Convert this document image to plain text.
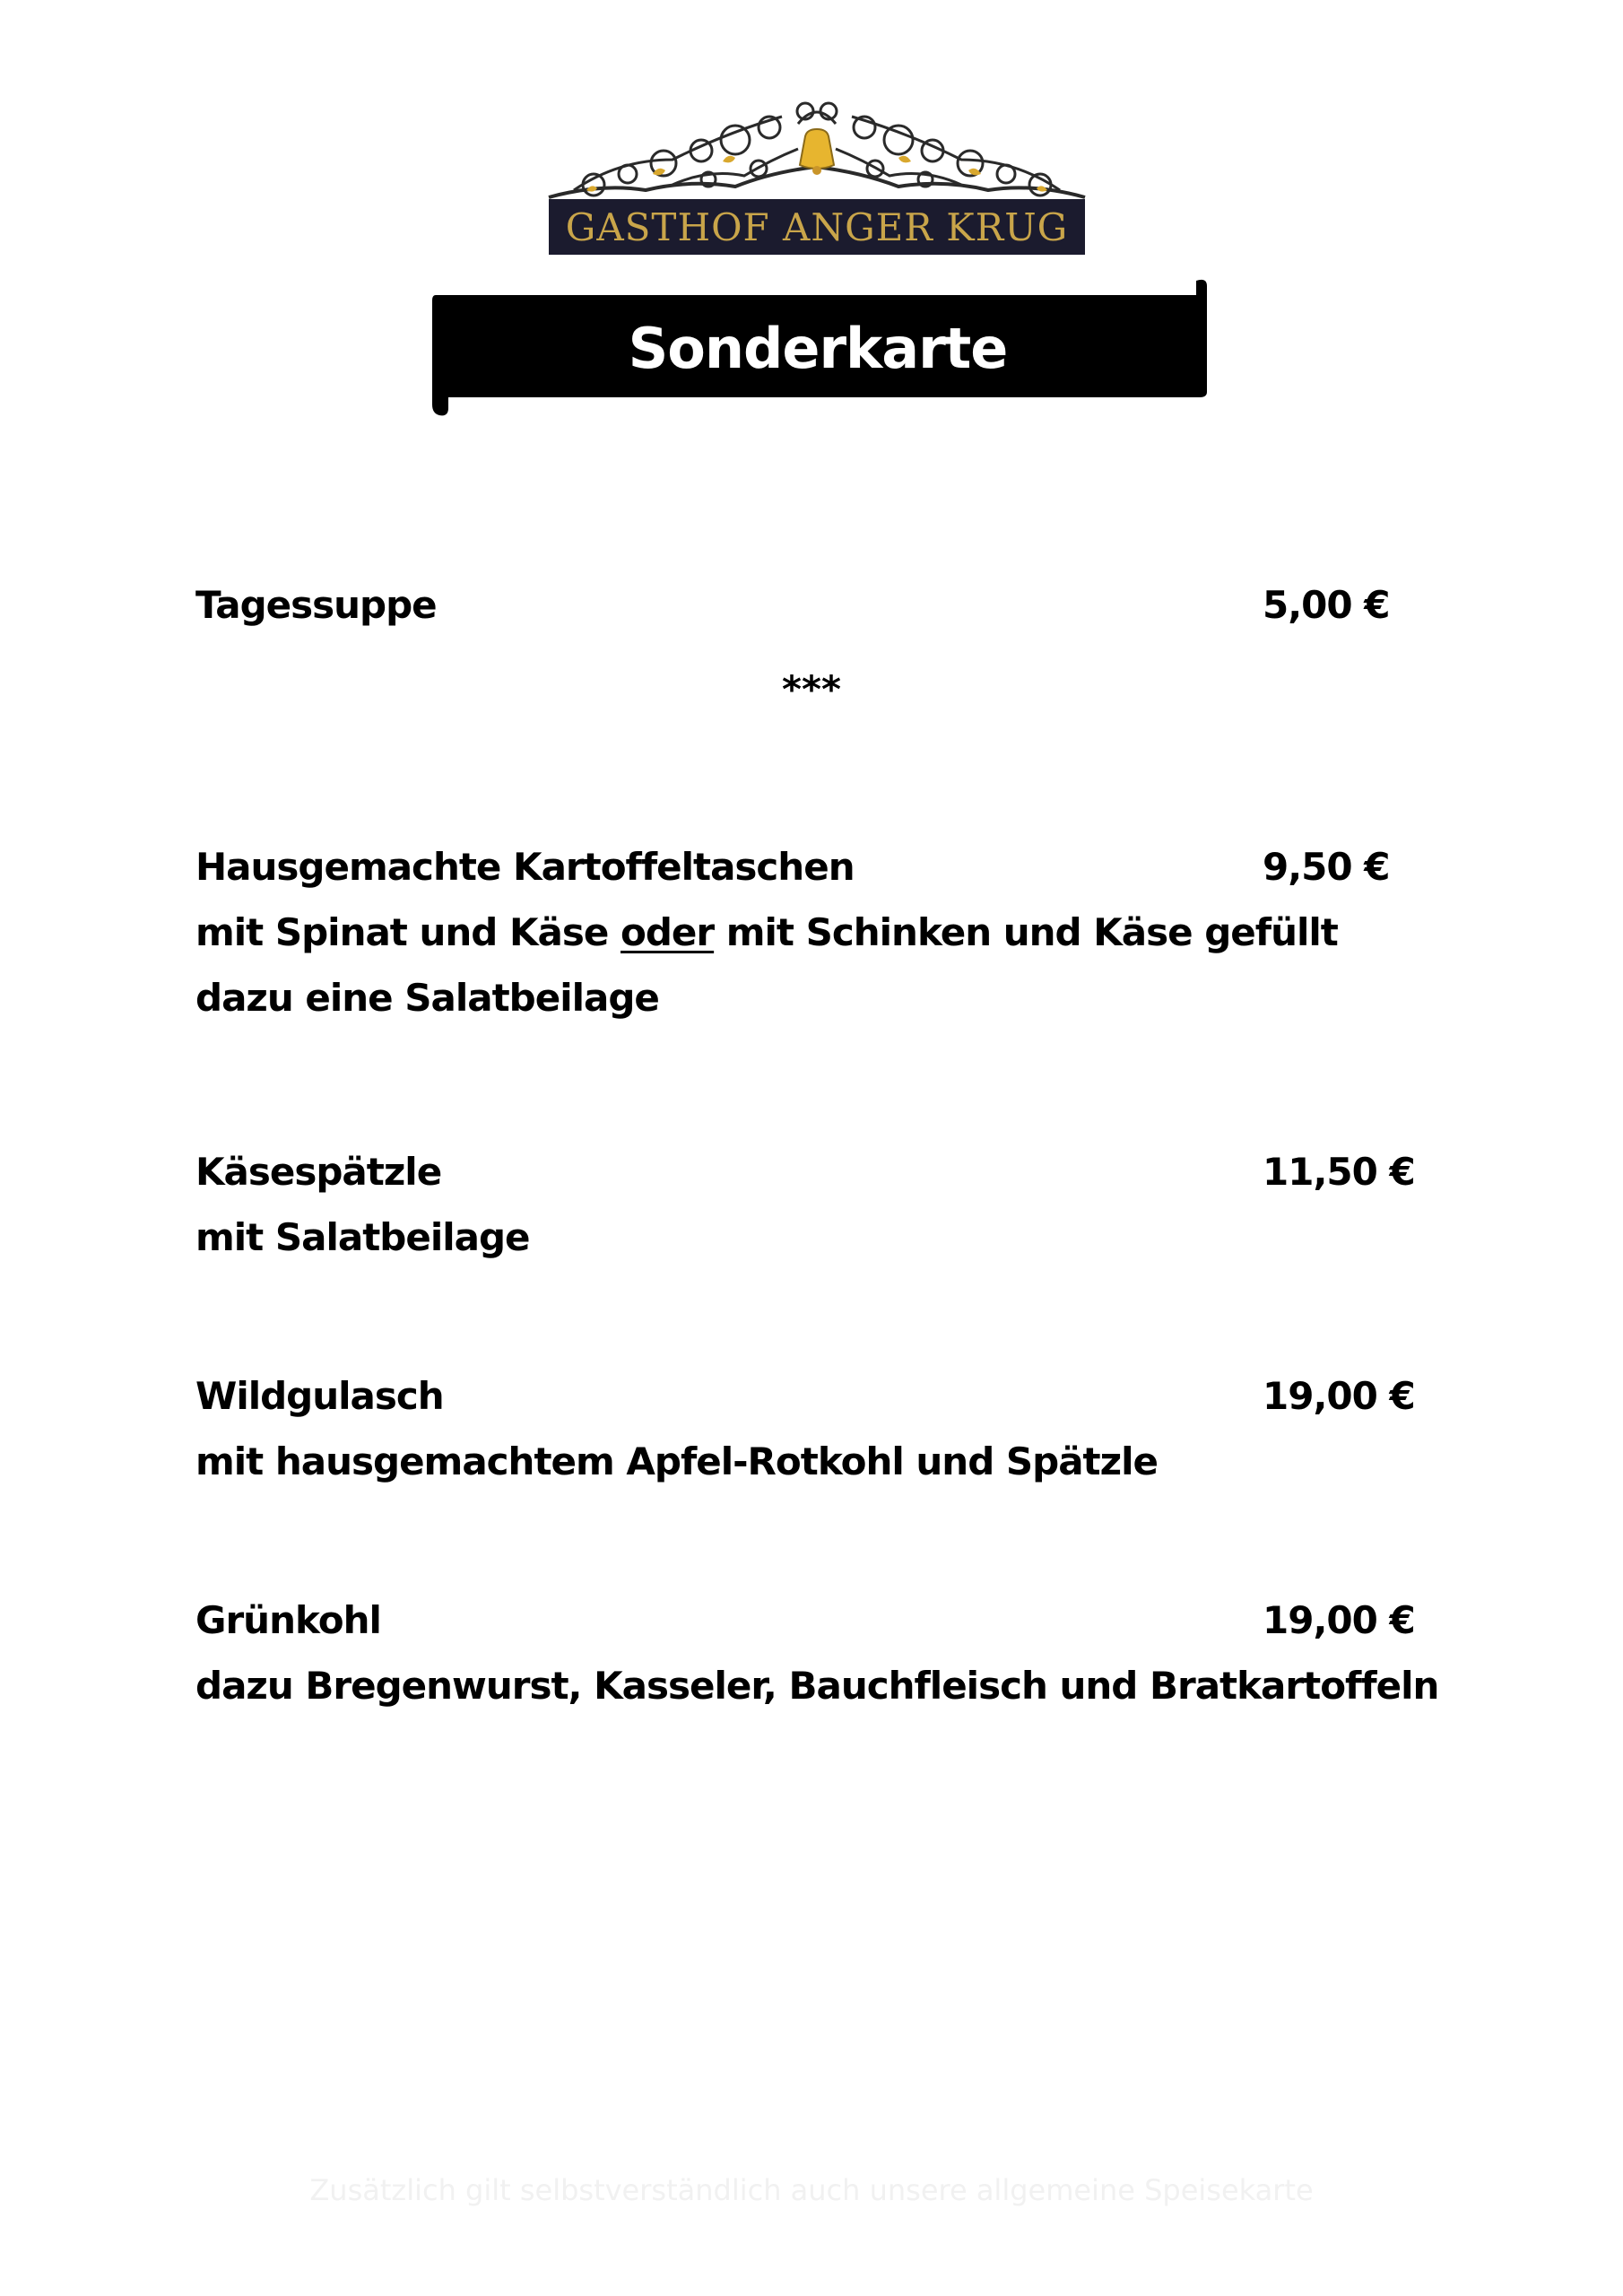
GASTHOF ANGER KRUG
Sonderkarte
Tagessuppe	5,00 €
***
Hausgemachte Kartoffeltaschen	9,50 €
mit Spinat und Käse oder mit Schinken und Käse gefüllt
dazu eine Salatbeilage
Käsespätzle	11,50 €
mit Salatbeilage
Wildgulasch	19,00 €
mit hausgemachtem Apfel-Rotkohl und Spätzle
Grünkohl	19,00 €
dazu Bregenwurst, Kasseler, Bauchfleisch und Bratkartoffeln
Zusätzlich gilt selbstverständlich auch unsere allgemeine Speisekarte
